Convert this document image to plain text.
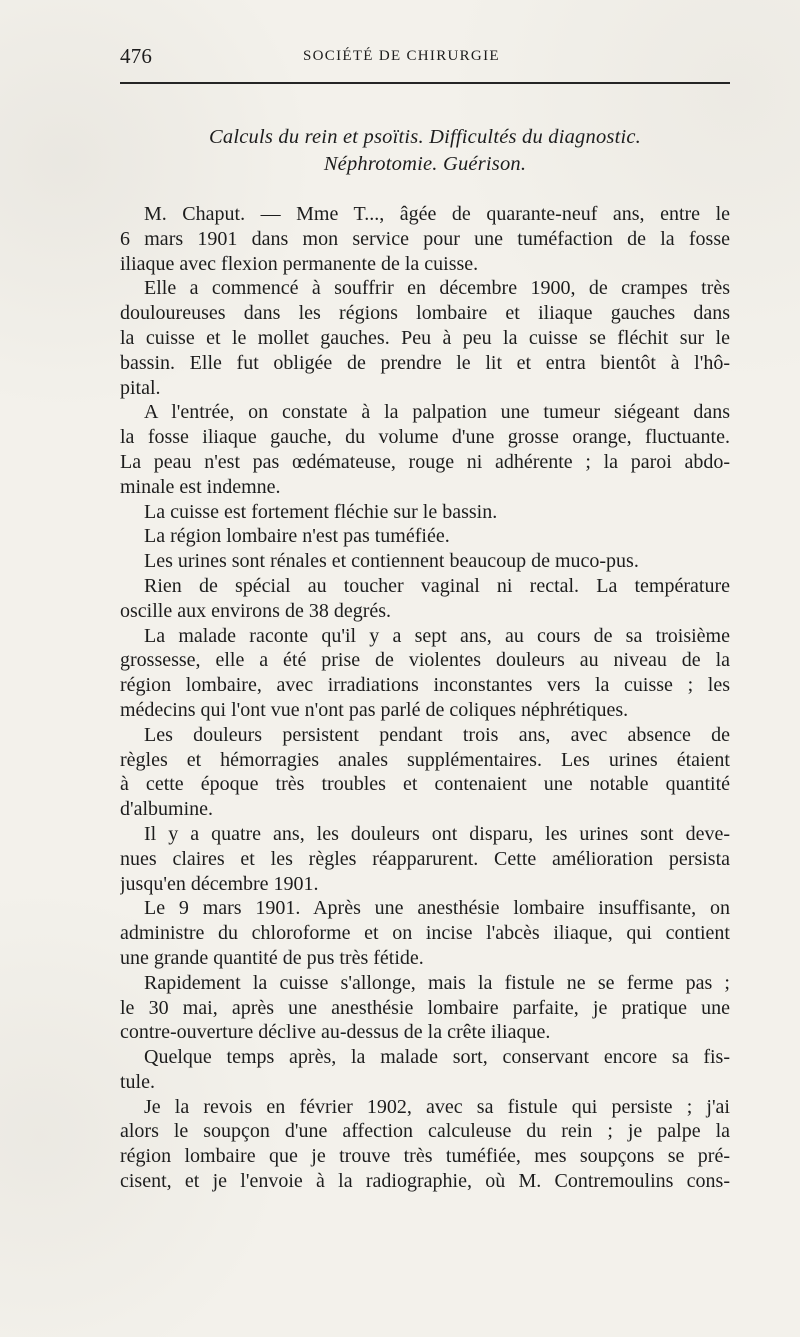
476	SOCIÉTÉ DE CHIRURGIE
Calculs du rein et psoïtis. Difficultés du diagnostic.
Néphrotomie. Guérison.
M. Chaput. — Mme T..., âgée de quarante-neuf ans, entre le
6 mars 1901 dans mon service pour une tuméfaction de la fosse
iliaque avec flexion permanente de la cuisse.
Elle a commencé à souffrir en décembre 1900, de crampes très
douloureuses dans les régions lombaire et iliaque gauches dans
la cuisse et le mollet gauches. Peu à peu la cuisse se fléchit sur le
bassin. Elle fut obligée de prendre le lit et entra bientôt à l'hô-
pital.
A l'entrée, on constate à la palpation une tumeur siégeant dans
la fosse iliaque gauche, du volume d'une grosse orange, fluctuante.
La peau n'est pas œdémateuse, rouge ni adhérente ; la paroi abdo-
minale est indemne.
La cuisse est fortement fléchie sur le bassin.
La région lombaire n'est pas tuméfiée.
Les urines sont rénales et contiennent beaucoup de muco-pus.
Rien de spécial au toucher vaginal ni rectal. La température
oscille aux environs de 38 degrés.
La malade raconte qu'il y a sept ans, au cours de sa troisième
grossesse, elle a été prise de violentes douleurs au niveau de la
région lombaire, avec irradiations inconstantes vers la cuisse ; les
médecins qui l'ont vue n'ont pas parlé de coliques néphrétiques.
Les douleurs persistent pendant trois ans, avec absence de
règles et hémorragies anales supplémentaires. Les urines étaient
à cette époque très troubles et contenaient une notable quantité
d'albumine.
Il y a quatre ans, les douleurs ont disparu, les urines sont deve-
nues claires et les règles réapparurent. Cette amélioration persista
jusqu'en décembre 1901.
Le 9 mars 1901. Après une anesthésie lombaire insuffisante, on
administre du chloroforme et on incise l'abcès iliaque, qui contient
une grande quantité de pus très fétide.
Rapidement la cuisse s'allonge, mais la fistule ne se ferme pas ;
le 30 mai, après une anesthésie lombaire parfaite, je pratique une
contre-ouverture déclive au-dessus de la crête iliaque.
Quelque temps après, la malade sort, conservant encore sa fis-
tule.
Je la revois en février 1902, avec sa fistule qui persiste ; j'ai
alors le soupçon d'une affection calculeuse du rein ; je palpe la
région lombaire que je trouve très tuméfiée, mes soupçons se pré-
cisent, et je l'envoie à la radiographie, où M. Contremoulins cons-
